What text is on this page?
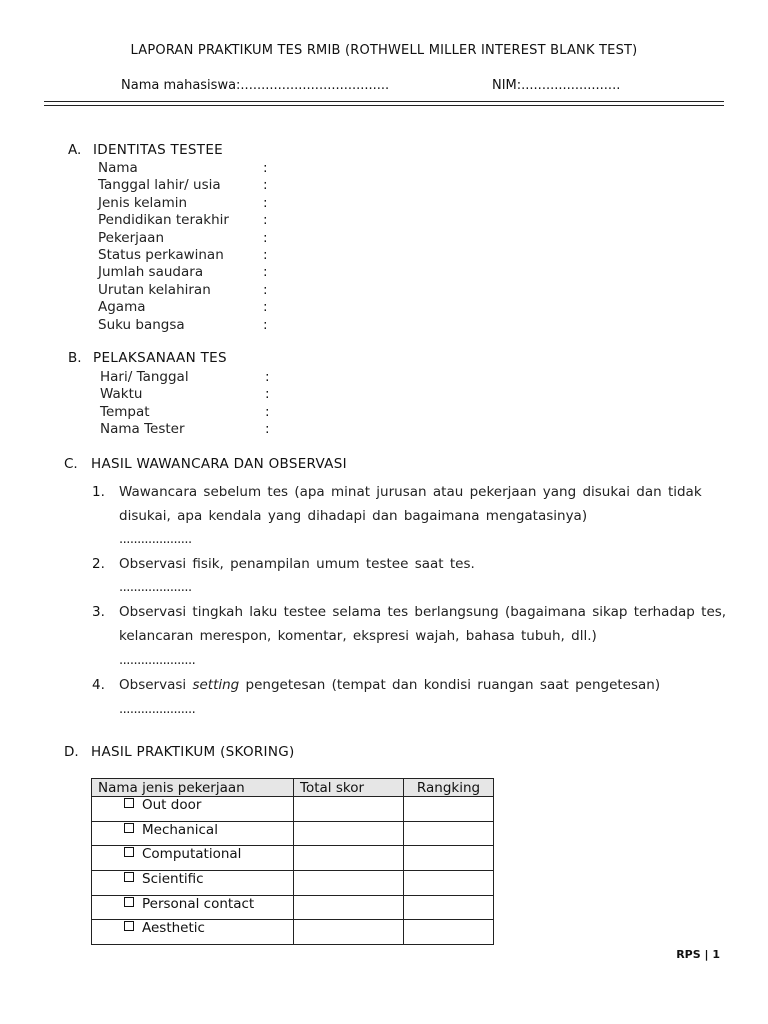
LAPORAN PRAKTIKUM TES RMIB (ROTHWELL MILLER INTEREST BLANK TEST)
Nama mahasiswa:....................................	NIM:........................
A. IDENTITAS TESTEE
Nama	:
Tanggal lahir/ usia	:
Jenis kelamin	:
Pendidikan terakhir	:
Pekerjaan	:
Status perkawinan	:
Jumlah saudara	:
Urutan kelahiran	:
Agama	:
Suku bangsa	:
B. PELAKSANAAN TES
Hari/ Tanggal	:
Waktu	:
Tempat	:
Nama Tester	:
C. HASIL WAWANCARA DAN OBSERVASI
1. Wawancara sebelum tes (apa minat jurusan atau pekerjaan yang disukai dan tidak
disukai, apa kendala yang dihadapi dan bagaimana mengatasinya)
....................
2. Observasi fisik, penampilan umum testee saat tes.
....................
3. Observasi tingkah laku testee selama tes berlangsung (bagaimana sikap terhadap tes,
kelancaran merespon, komentar, ekspresi wajah, bahasa tubuh, dll.)
.....................
4. Observasi setting pengetesan (tempat dan kondisi ruangan saat pengetesan)
.....................
D. HASIL PRAKTIKUM (SKORING)
Nama jenis pekerjaan	Total skor	Rangking
Out door		
Mechanical		
Computational		
Scientific		
Personal contact		
Aesthetic		
RPS | 1
